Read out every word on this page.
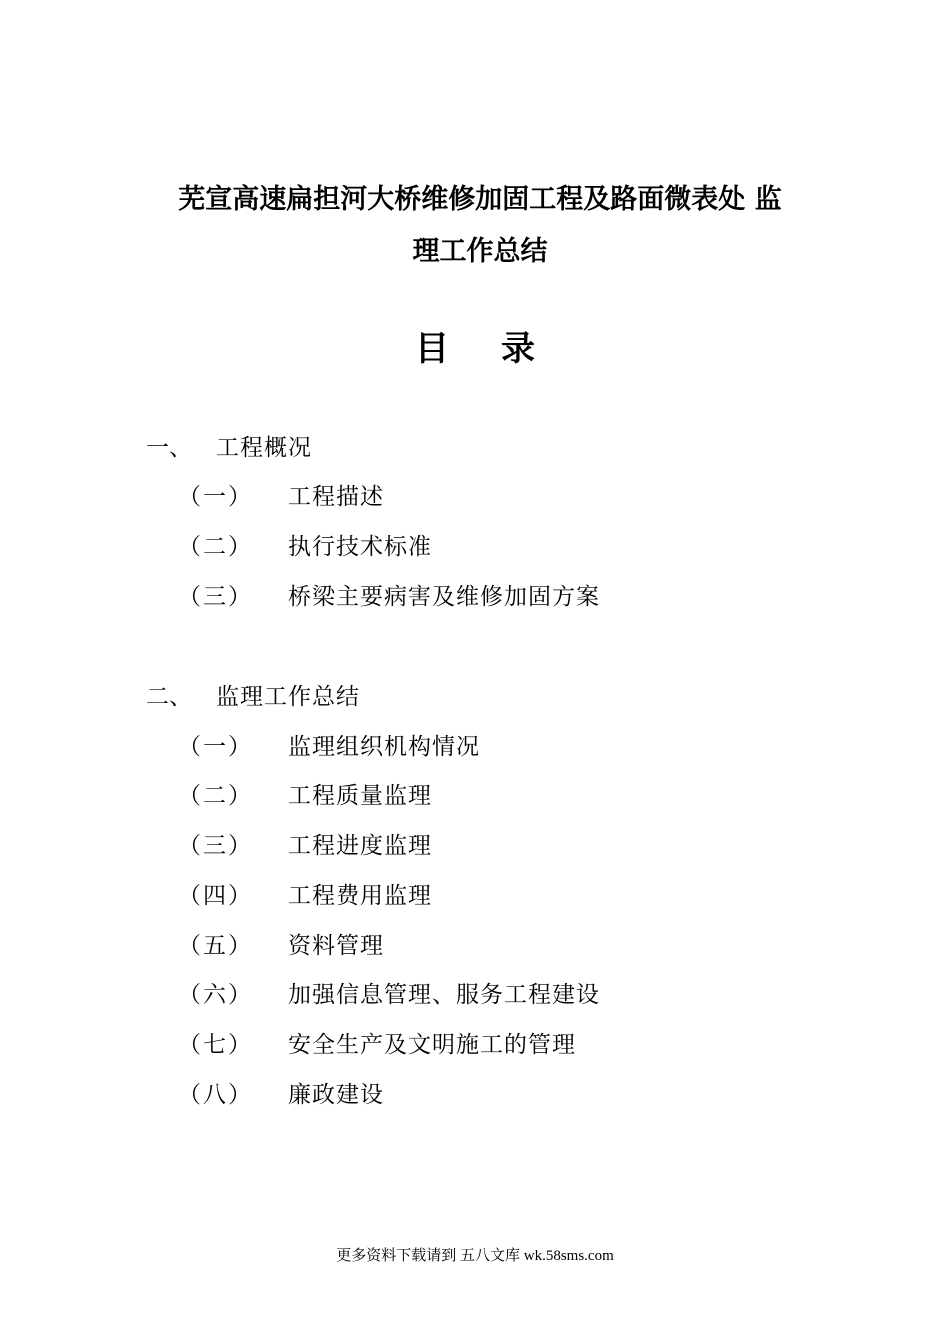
芜宣高速扁担河大桥维修加固工程及路面微表处 监
理工作总结
目录
一、 工程概况
（一） 工程描述
（二） 执行技术标准
（三） 桥梁主要病害及维修加固方案
二、 监理工作总结
（一） 监理组织机构情况
（二） 工程质量监理
（三） 工程进度监理
（四） 工程费用监理
（五） 资料管理
（六） 加强信息管理、服务工程建设
（七） 安全生产及文明施工的管理
（八） 廉政建设
更多资料下载请到 五八文库 wk.58sms.com
